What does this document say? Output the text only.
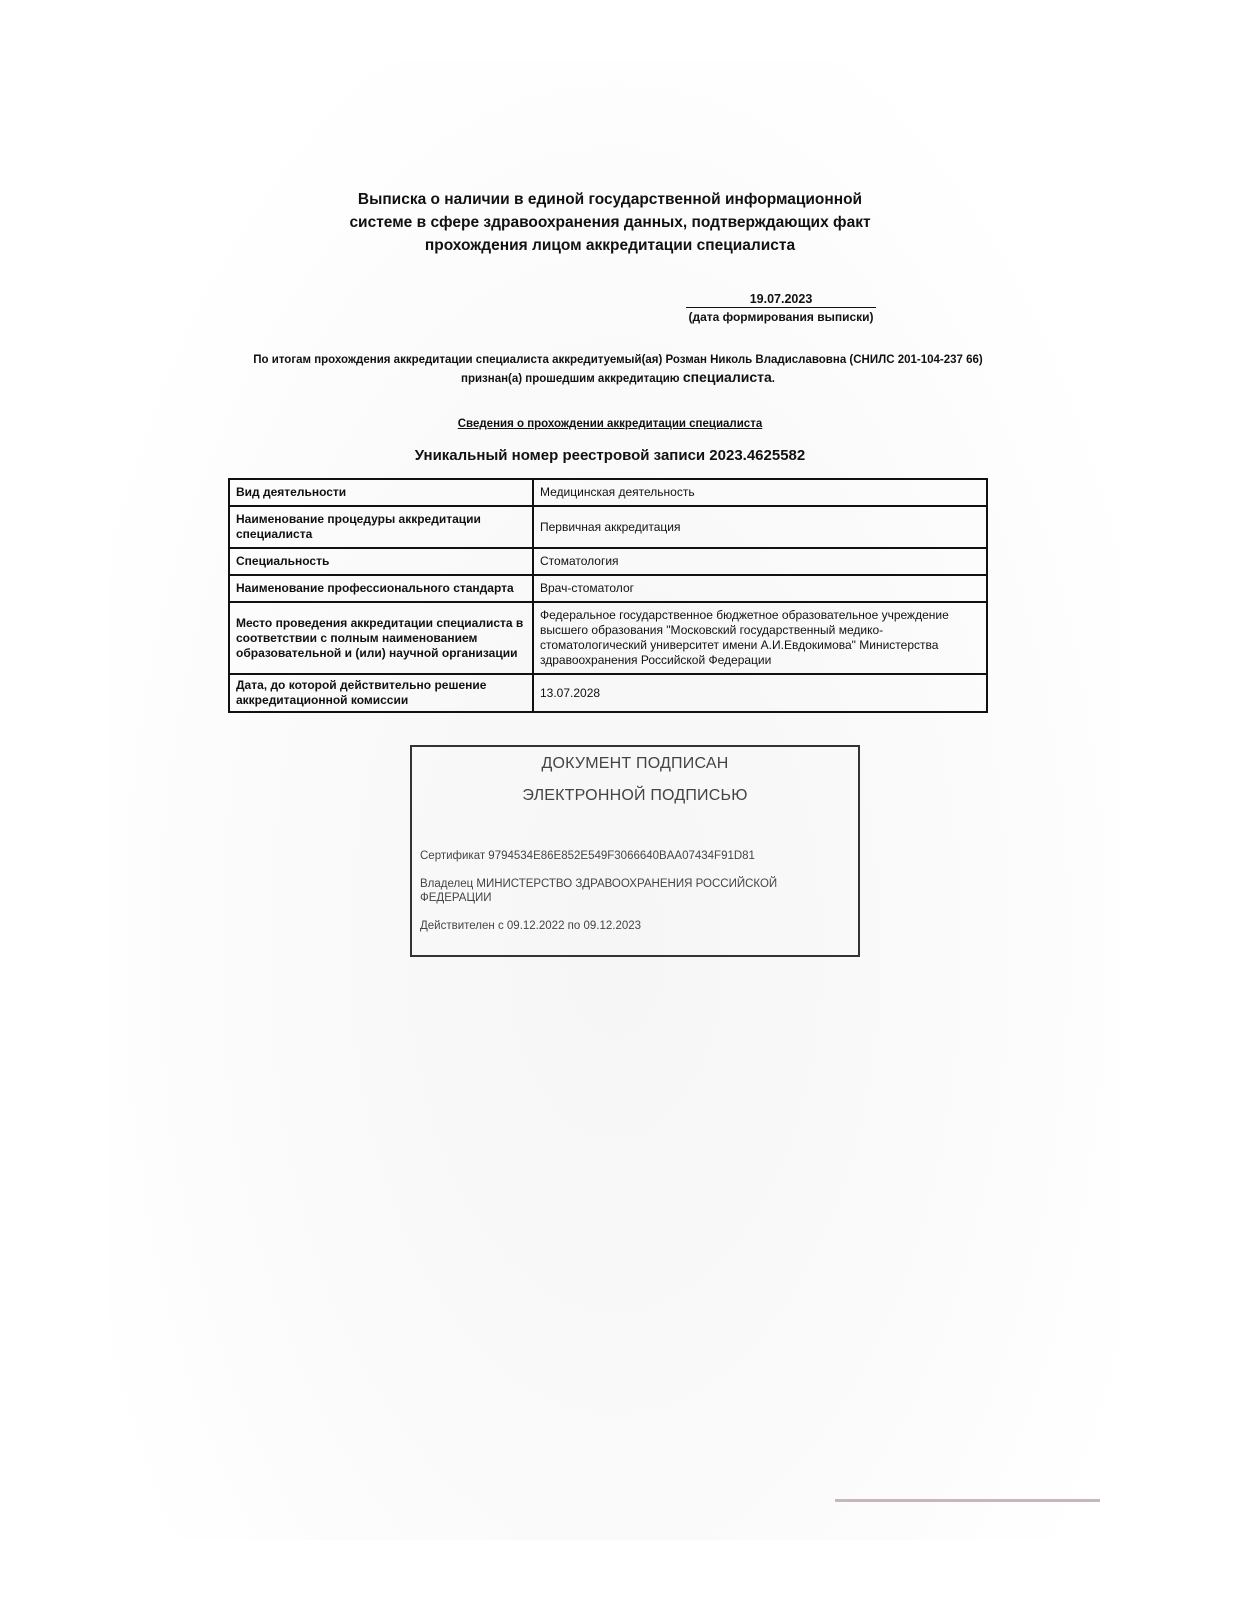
Выписка о наличии в единой государственной информационной
системе в сфере здравоохранения данных, подтверждающих факт
прохождения лицом аккредитации специалиста
19.07.2023
(дата формирования выписки)
По итогам прохождения аккредитации специалиста аккредитуемый(ая) Розман Николь Владиславовна (СНИЛС 201-104-237 66)
признан(а) прошедшим аккредитацию специалиста.
Сведения о прохождении аккредитации специалиста
Уникальный номер реестровой записи 2023.4625582
Вид деятельности	Медицинская деятельность
Наименование процедуры аккредитации специалиста	Первичная аккредитация
Специальность	Стоматология
Наименование профессионального стандарта	Врач-стоматолог
Место проведения аккредитации специалиста в соответствии с полным наименованием образовательной и (или) научной организации	Федеральное государственное бюджетное образовательное учреждение высшего образования "Московский государственный медико-стоматологический университет имени А.И.Евдокимова" Министерства здравоохранения Российской Федерации
Дата, до которой действительно решение аккредитационной комиссии	13.07.2028
ДОКУМЕНТ ПОДПИСАН
ЭЛЕКТРОННОЙ ПОДПИСЬЮ
Сертификат 9794534E86E852E549F3066640BAA07434F91D81
Владелец МИНИСТЕРСТВО ЗДРАВООХРАНЕНИЯ РОССИЙСКОЙ ФЕДЕРАЦИИ
Действителен с 09.12.2022 по 09.12.2023
